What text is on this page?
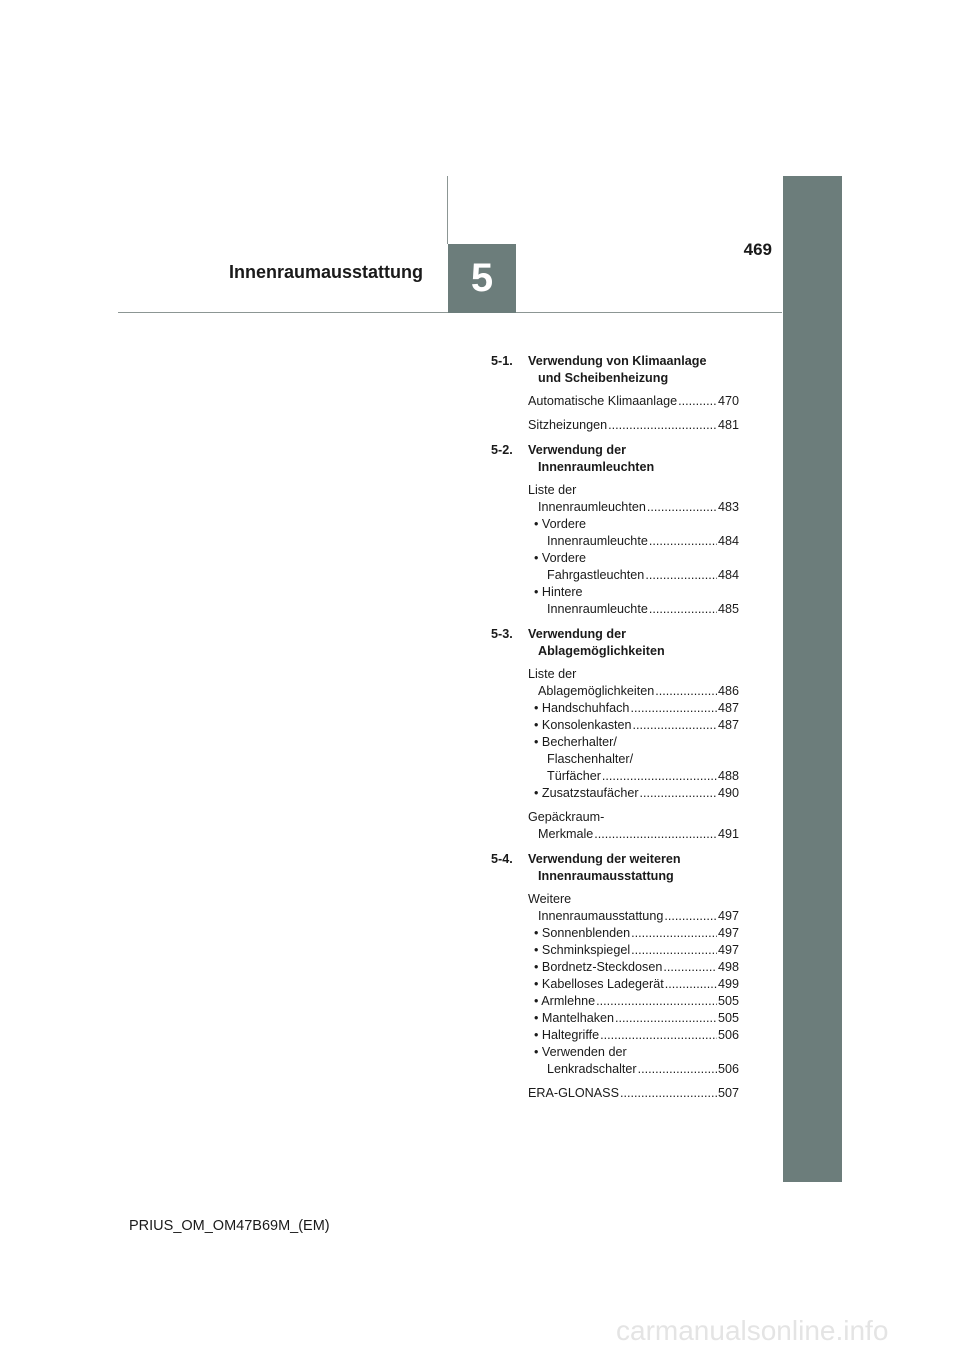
5
Innenraumausstattung
469
5-1.	Verwendung von Klimaanlage
und Scheibenheizung
Automatische Klimaanlage .....	470
Sitzheizungen .....	481
5-2.	Verwendung der
Innenraumleuchten
Liste der
Innenraumleuchten .....	483
• Vordere
Innenraumleuchte .....	484
• Vordere
Fahrgastleuchten .....	484
• Hintere
Innenraumleuchte .....	485
5-3.	Verwendung der
Ablagemöglichkeiten
Liste der
Ablagemöglichkeiten .....	486
• Handschuhfach .....	487
• Konsolenkasten .....	487
• Becherhalter/
Flaschenhalter/
Türfächer .....	488
• Zusatzstaufächer .....	490
Gepäckraum-
Merkmale .....	491
5-4.	Verwendung der weiteren
Innenraumausstattung
Weitere
Innenraumausstattung .....	497
• Sonnenblenden .....	497
• Schminkspiegel .....	497
• Bordnetz-Steckdosen .....	498
• Kabelloses Ladegerät .....	499
• Armlehne .....	505
• Mantelhaken .....	505
• Haltegriffe .....	506
• Verwenden der
Lenkradschalter .....	506
ERA-GLONASS .....	507
PRIUS_OM_OM47B69M_(EM)
carmanualsonline.info
